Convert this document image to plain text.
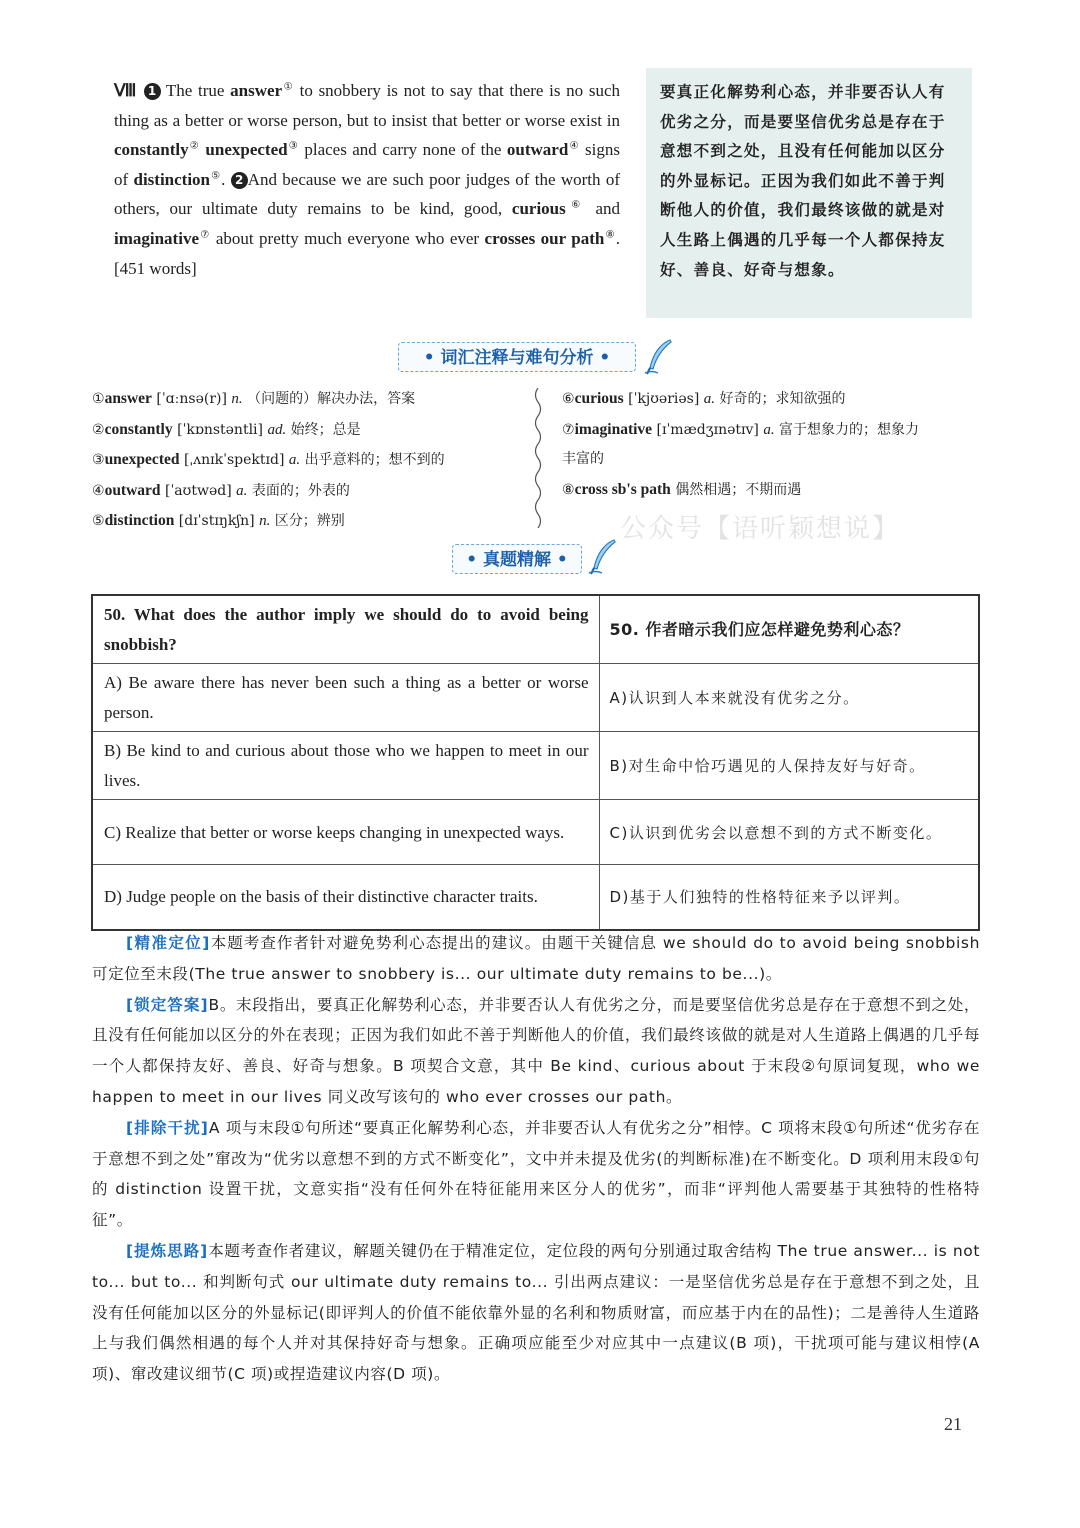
Ⅷ 1 The true answer① to snobbery is not to say that there is no such thing as a better or worse person, but to insist that better or worse exist in constantly② unexpected③ places and carry none of the outward④ signs of distinction⑤. 2 And because we are such poor judges of the worth of others, our ultimate duty remains to be kind, good, curious⑥ and imaginative⑦ about pretty much everyone who ever crosses our path⑧. [451 words]
要真正化解势利心态，并非要否认人有优劣之分，而是要坚信优劣总是存在于意想不到之处，且没有任何能加以区分的外显标记。正因为我们如此不善于判断他人的价值，我们最终该做的就是对人生路上偶遇的几乎每一个人都保持友好、善良、好奇与想象。
• 词汇注释与难句分析 •
①answer [ˈɑːnsə(r)] n. （问题的）解决办法，答案
②constantly [ˈkɒnstəntli] ad. 始终；总是
③unexpected [ˌʌnɪkˈspektɪd] a. 出乎意料的；想不到的
④outward [ˈaʊtwəd] a. 表面的；外表的
⑤distinction [dɪˈstɪŋkʃn] n. 区分；辨别
⑥curious [ˈkjʊəriəs] a. 好奇的；求知欲强的
⑦imaginative [ɪˈmædʒɪnətɪv] a. 富于想象力的；想象力
丰富的
⑧cross sb's path 偶然相遇；不期而遇
公众号【语听颖想说】
• 真题精解 •
50. What does the author imply we should do to avoid being snobbish?	50. 作者暗示我们应怎样避免势利心态？
A) Be aware there has never been such a thing as a better or worse person.	A)认识到人本来就没有优劣之分。
B) Be kind to and curious about those who we happen to meet in our lives.	B)对生命中恰巧遇见的人保持友好与好奇。
C) Realize that better or worse keeps changing in unexpected ways.	C)认识到优劣会以意想不到的方式不断变化。
D) Judge people on the basis of their distinctive character traits.	D)基于人们独特的性格特征来予以评判。

[精准定位]本题考查作者针对避免势利心态提出的建议。由题干关键信息 we should do to avoid being snobbish 可定位至末段(The true answer to snobbery is... our ultimate duty remains to be...)。

[锁定答案]B。末段指出，要真正化解势利心态，并非要否认人有优劣之分，而是要坚信优劣总是存在于意想不到之处，且没有任何能加以区分的外在表现；正因为我们如此不善于判断他人的价值，我们最终该做的就是对人生道路上偶遇的几乎每一个人都保持友好、善良、好奇与想象。B 项契合文意，其中 Be kind、curious about 于末段②句原词复现，who we happen to meet in our lives 同义改写该句的 who ever crosses our path。

[排除干扰]A 项与末段①句所述“要真正化解势利心态，并非要否认人有优劣之分”相悖。C 项将末段①句所述“优劣存在于意想不到之处”窜改为“优劣以意想不到的方式不断变化”，文中并未提及优劣(的判断标准)在不断变化。D 项利用末段①句的 distinction 设置干扰，文意实指“没有任何外在特征能用来区分人的优劣”，而非“评判他人需要基于其独特的性格特征”。

[提炼思路]本题考查作者建议，解题关键仍在于精准定位，定位段的两句分别通过取舍结构 The true answer... is not to... but to... 和判断句式 our ultimate duty remains to... 引出两点建议：一是坚信优劣总是存在于意想不到之处，且没有任何能加以区分的外显标记(即评判人的价值不能依靠外显的名利和物质财富，而应基于内在的品性)；二是善待人生道路上与我们偶然相遇的每个人并对其保持好奇与想象。正确项应能至少对应其中一点建议(B 项)，干扰项可能与建议相悖(A 项)、窜改建议细节(C 项)或捏造建议内容(D 项)。

21
